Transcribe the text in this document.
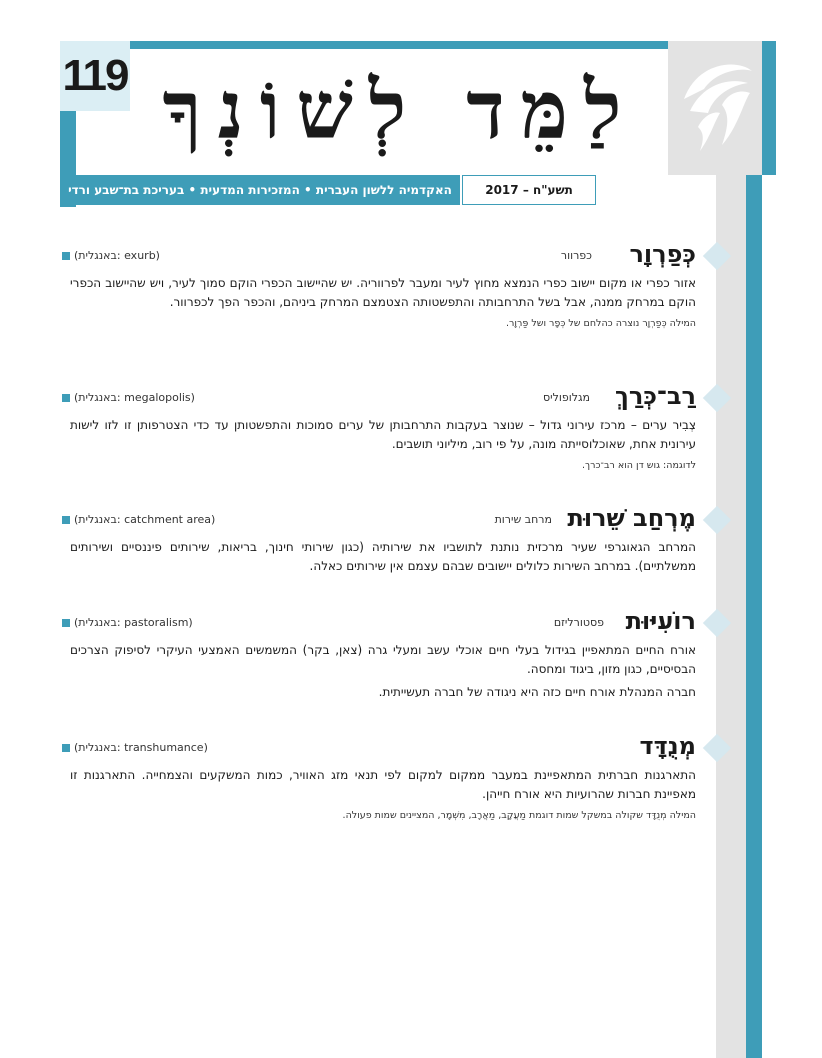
119 לַמֵּד לְשׁוֹנְךָ
האקדמיה ללשון העברית • המזכירות המדעית • בעריכת בת־שבע ורדי	תשע"ח – 2017
(באנגלית: exurb)	כפרוור כְּפַרְוָר
אזור כפרי או מקום יישוב כפרי הנמצא מחוץ לעיר ומעבר לפרווריה. יש שהיישוב הכפרי הוקם סמוך לעיר, ויש שהיישוב הכפרי הוקם במרחק ממנה, אבל בשל התרחבותה והתפשטותה הצטמצם המרחק ביניהם, והכפר הפך לכפרוור.
המילה כְּפַרְוָר נוצרה כהלחם של כְּפָר ושל פַּרְוָר.
(באנגלית: megalopolis)	מגלופוליס רַב־כְּרַךְ
צְבִיר ערים – מרכז עירוני גדול – שנוצר בעקבות התרחבותן של ערים סמוכות והתפשטותן עד כדי הצטרפותן זו לזו לישות עירונית אחת, שאוכלוסייתה מונה, על פי רוב, מיליוני תושבים.
לדוגמה: גוש דן הוא רב־כרך.
(באנגלית: catchment area)	מרחב שירות מֶרְחַב שֵׁרוּת
המרחב הגאוגרפי שעיר מרכזית נותנת לתושביו את שירותיה (כגון שירותי חינוך, בריאות, שירותים פיננסיים ושירותים ממשלתיים). במרחב השירות כלולים יישובים שבהם עצמם אין שירותים כאלה.
(באנגלית: pastoralism)	פסטורליזם רוֹעִיּוּת
אורח החיים המתאפיין בגידול בעלי חיים אוכלי עשב ומעלי גרה (צאן, בקר) המשמשים האמצעי העיקרי לסיפוק הצרכים הבסיסיים, כגון מזון, ביגוד ומחסה.
חברה המנהלת אורח חיים כזה היא ניגודה של חברה תעשייתית.
(באנגלית: transhumance)	מְנֻדָּד
התארגנות חברתית המתאפיינת במעבר ממקום למקום לפי תנאי מזג האוויר, כמות המשקעים והצמחייה. התארגנות זו מאפיינת חברות שהרועיות היא אורח חייהן.
המילה מְנֻדָּד שקולה במשקל שמות דוגמת מַעֲקָב, מַאֲרָב, מִשְׁמָר, המציינים שמות פעולה.
